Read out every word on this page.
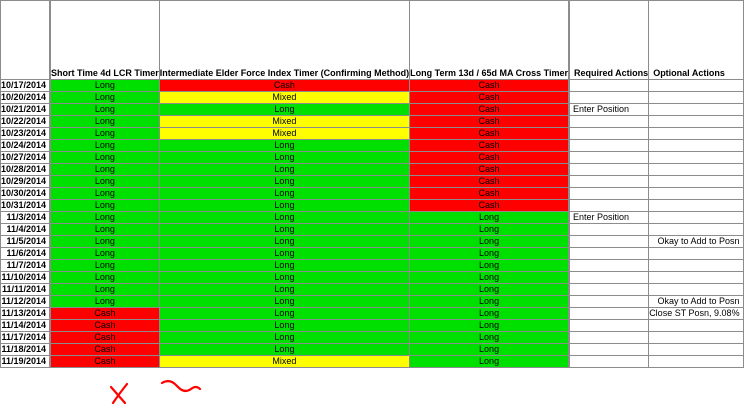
		Short Time 4d LCR Timer	Intermediate Elder Force Index Timer (Confirming Method)	Long Term 13d / 65d MA Cross Timer		Required Actions	Optional Actions
10/17/2014		Long	Cash	Cash			
10/20/2014		Long	Mixed	Cash			
10/21/2014		Long	Long	Cash		Enter Position	
10/22/2014		Long	Mixed	Cash			
10/23/2014		Long	Mixed	Cash			
10/24/2014		Long	Long	Cash			
10/27/2014		Long	Long	Cash			
10/28/2014		Long	Long	Cash			
10/29/2014		Long	Long	Cash			
10/30/2014		Long	Long	Cash			
10/31/2014		Long	Long	Cash			
11/3/2014		Long	Long	Long		Enter Position	
11/4/2014		Long	Long	Long			
11/5/2014		Long	Long	Long			Okay to Add to Posn
11/6/2014		Long	Long	Long			
11/7/2014		Long	Long	Long			
11/10/2014		Long	Long	Long			
11/11/2014		Long	Long	Long			
11/12/2014		Long	Long	Long			Okay to Add to Posn
11/13/2014		Cash	Long	Long			Close ST Posn, 9.08%
11/14/2014		Cash	Long	Long			
11/17/2014		Cash	Long	Long			
11/18/2014		Cash	Long	Long			
11/19/2014		Cash	Mixed	Long			
